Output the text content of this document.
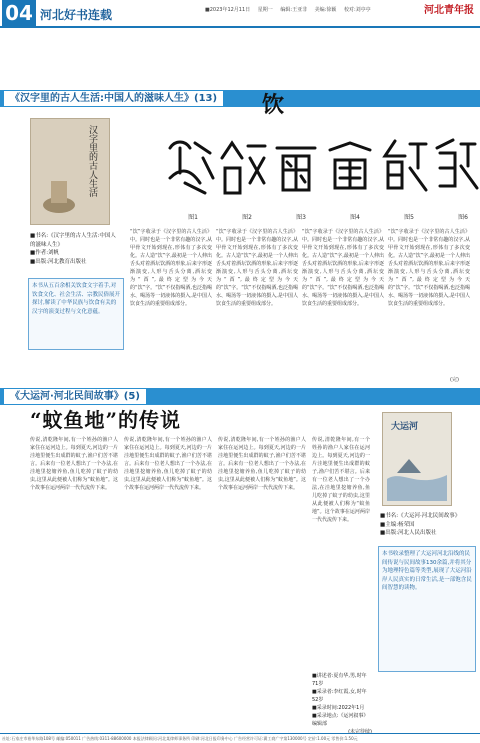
04 河北好书连载	■2023年12月11日 星期一 编辑:王亚非 美编:徐颖 校对:刘亭亭	河北青年报
《汉字里的古人生活:中国人的滋味人生》(13) 饮
图1	图2	图3	图4	图5	图6
汉字里的古人生活
■书名:《汉字里的古人生活:中国人的滋味人生》
■作者:刘帆
■出版:河北教育出版社
本书从五百余相关饮食文字着手,对饮食文化、社会生活、宗教民俗展开探讨,解读了中华民族与饮食有关的汉字的演变过程与文化意蕴。
“饮”字收录于《汉字里的古人生活》中。同时也是一个非常有趣的汉字,从甲骨文开始到现在,形体有了多次变化。古人造“饮”字,最初是一个人伸出舌头对着酒坛饮酒的形象,后来字形逐渐演变,人形与舌头分离,酒坛变为“酉”,最终定型为今天的“饮”字。“饮”不仅指喝酒,也泛指喝水、喝汤等一切液体的摄入,是中国人饮食生活的重要组成部分。
“饮”字收录于《汉字里的古人生活》中。同时也是一个非常有趣的汉字,从甲骨文开始到现在,形体有了多次变化。古人造“饮”字,最初是一个人伸出舌头对着酒坛饮酒的形象,后来字形逐渐演变,人形与舌头分离,酒坛变为“酉”,最终定型为今天的“饮”字。“饮”不仅指喝酒,也泛指喝水、喝汤等一切液体的摄入,是中国人饮食生活的重要组成部分。
“饮”字收录于《汉字里的古人生活》中。同时也是一个非常有趣的汉字,从甲骨文开始到现在,形体有了多次变化。古人造“饮”字,最初是一个人伸出舌头对着酒坛饮酒的形象,后来字形逐渐演变,人形与舌头分离,酒坛变为“酉”,最终定型为今天的“饮”字。“饮”不仅指喝酒,也泛指喝水、喝汤等一切液体的摄入,是中国人饮食生活的重要组成部分。
“饮”字收录于《汉字里的古人生活》中。同时也是一个非常有趣的汉字,从甲骨文开始到现在,形体有了多次变化。古人造“饮”字,最初是一个人伸出舌头对着酒坛饮酒的形象,后来字形逐渐演变,人形与舌头分离,酒坛变为“酉”,最终定型为今天的“饮”字。“饮”不仅指喝酒,也泛指喝水、喝汤等一切液体的摄入,是中国人饮食生活的重要组成部分。
(完)
《大运河·河北民间故事》(5)
“蚊鱼地”的传说
传说,清乾隆年间,有一个姓孙的渔户人家住在运河边上。每到夏天,河边的一片洼地里便生出成群的蚊子,渔户们苦不堪言。后来有一位老人想出了一个办法,在洼地里挖塘养鱼,鱼儿吃掉了蚊子的幼虫,这里从此便被人们称为“蚊鱼地”。这个故事在运河两岸一代代流传下来。
传说,清乾隆年间,有一个姓孙的渔户人家住在运河边上。每到夏天,河边的一片洼地里便生出成群的蚊子,渔户们苦不堪言。后来有一位老人想出了一个办法,在洼地里挖塘养鱼,鱼儿吃掉了蚊子的幼虫,这里从此便被人们称为“蚊鱼地”。这个故事在运河两岸一代代流传下来。
传说,清乾隆年间,有一个姓孙的渔户人家住在运河边上。每到夏天,河边的一片洼地里便生出成群的蚊子,渔户们苦不堪言。后来有一位老人想出了一个办法,在洼地里挖塘养鱼,鱼儿吃掉了蚊子的幼虫,这里从此便被人们称为“蚊鱼地”。这个故事在运河两岸一代代流传下来。
传说,清乾隆年间,有一个姓孙的渔户人家住在运河边上。每到夏天,河边的一片洼地里便生出成群的蚊子,渔户们苦不堪言。后来有一位老人想出了一个办法,在洼地里挖塘养鱼,鱼儿吃掉了蚊子的幼虫,这里从此便被人们称为“蚊鱼地”。这个故事在运河两岸一代代流传下来。
■讲述者:夏有华,男,时年71岁
■采录者:李红霞,女,时年52岁
■采录时间:2022年1月
■采录地点:《运河叙事》编辑部
(未完待续)
大运河
■书名:《大运河·河北民间故事》
■主编:杨荣国
■出版:河北人民出版社
本书收录整理了大运河河北沿线的民间传说与民间故事130余篇,并将其分为地理特色篇等类型,展现了大运河沿岸人民真实的日常生活,是一部饱含民间智慧的读物。
社址:石家庄市裕华东路108号 邮编:050011 广告热线:0311-88600000 本报法律顾问:河北某律师事务所 印刷:河北日报印务中心 广告经营许可证:冀工商广字第130000号 定价:1.00元 零售价:1.50元
